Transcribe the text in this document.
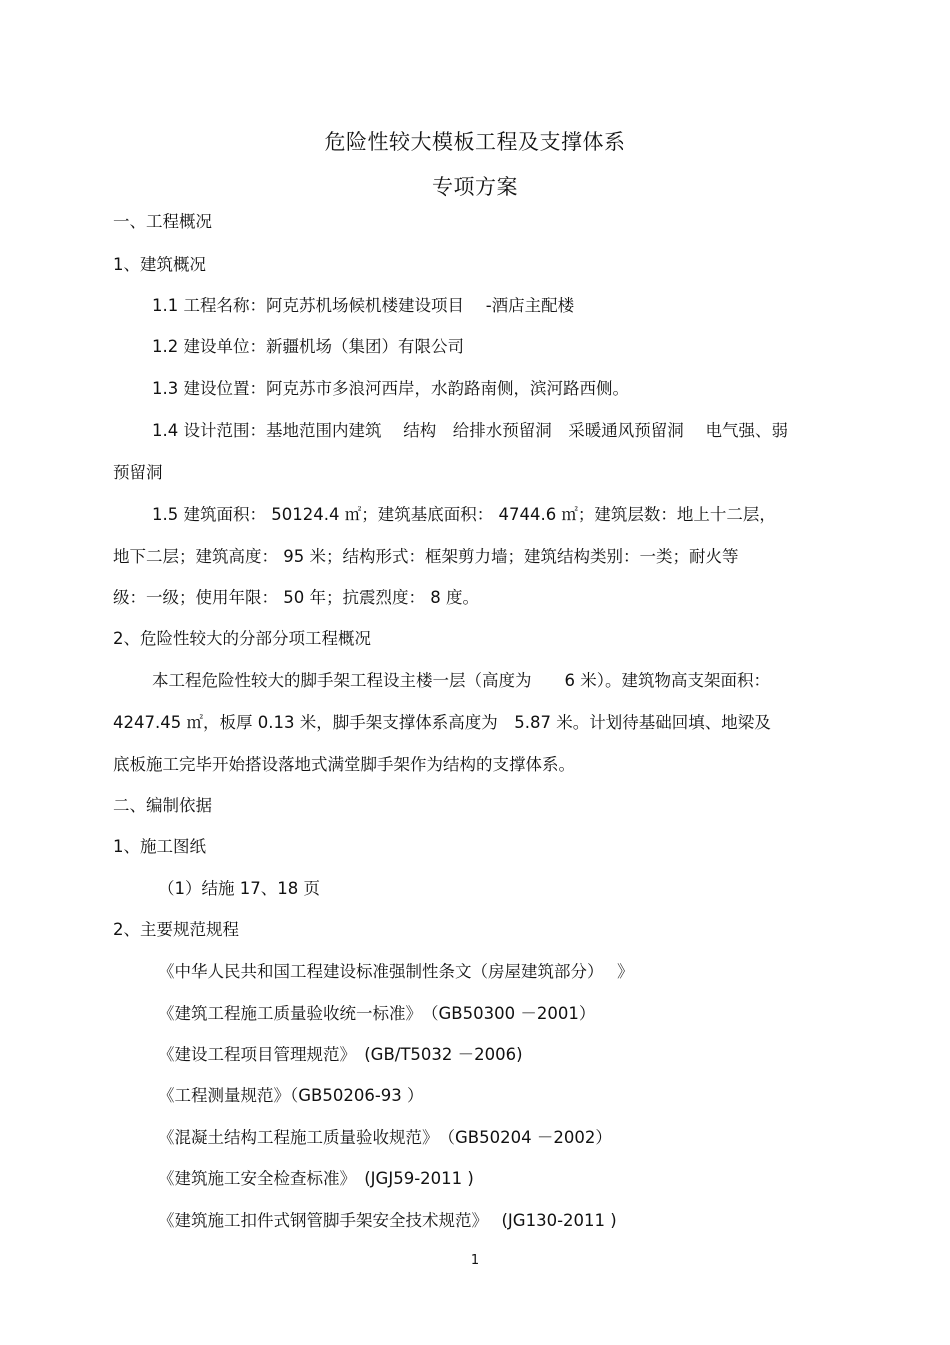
危险性较大模板工程及支撑体系
专项方案
一、工程概况
1、建筑概况
1.1 工程名称：阿克苏机场候机楼建设项目　 -酒店主配楼
1.2 建设单位：新疆机场（集团）有限公司
1.3 建设位置：阿克苏市多浪河西岸，水韵路南侧，滨河路西侧。
1.4 设计范围：基地范围内建筑　 结构　给排水预留洞　采暖通风预留洞　 电气强、弱
预留洞
1.5 建筑面积： 50124.4 ㎡；建筑基底面积： 4744.6 ㎡；建筑层数：地上十二层，
地下二层；建筑高度： 95 米；结构形式：框架剪力墙；建筑结构类别：一类；耐火等
级：一级；使用年限： 50 年；抗震烈度： 8 度。
2、危险性较大的分部分项工程概况
本工程危险性较大的脚手架工程设主楼一层（高度为　　6 米）。建筑物高支架面积：
4247.45 ㎡，板厚 0.13 米，脚手架支撑体系高度为　5.87 米。计划待基础回填、地梁及
底板施工完毕开始搭设落地式满堂脚手架作为结构的支撑体系。
二、编制依据
1、施工图纸
（1）结施 17、18 页
2、主要规范规程
《中华人民共和国工程建设标准强制性条文（房屋建筑部分）　 》
《建筑工程施工质量验收统一标准》　（GB50300 －2001）
《建设工程项目管理规范》　(GB/T5032 －2006)
《工程测量规范》（GB50206-93 ）
《混凝土结构工程施工质量验收规范》　（GB50204 －2002）
《建筑施工安全检查标准》　(JGJ59-2011 )
《建筑施工扣件式钢管脚手架安全技术规范》　 (JG130-2011 )
1
